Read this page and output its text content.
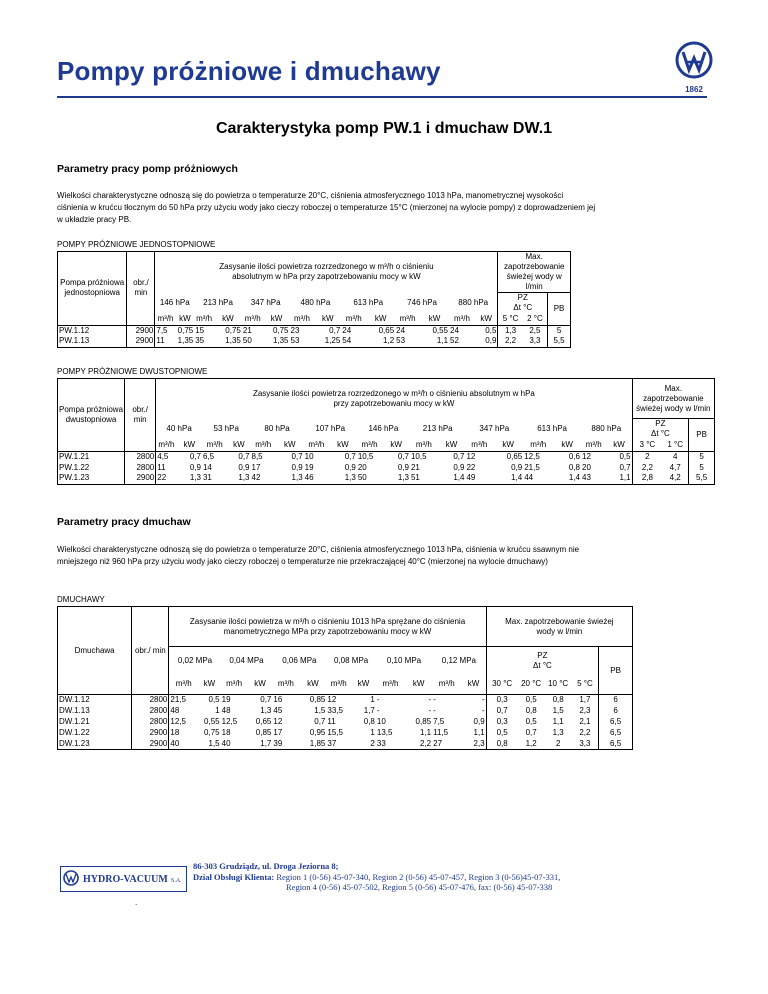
Pompy próżniowe i dmuchawy
1862
Carakterystyka pomp PW.1 i dmuchaw DW.1
Parametry pracy pomp próżniowych
Wielkości charakterystyczne odnoszą się do powietrza o temperaturze 20°C, ciśnienia atmosferycznego 1013 hPa, manometrycznej wysokości
ciśnienia w krućcu tłocznym do 50 hPa przy użyciu wody jako cieczy roboczej o temperaturze 15°C (mierzonej na wylocie pompy) z doprowadzeniem jej
w układzie pracy PB.
POMPY PRÓŻNIOWE JEDNOSTOPNIOWE
Pompa próżniowa jednostopniowa	obr./ min	Zasysanie ilości powietrza rozrzedzonego w m³/h o ciśnieniu absolutnym w hPa przy zapotrzebowaniu mocy w kW														Max. zapotrzebowanie świeżej wody w l/min		
		146 hPa		213 hPa		347 hPa		480 hPa		613 hPa		746 hPa		880 hPa		PZ
Δt °C		PB
		m³/h	kW	m³/h	kW	m³/h	kW	m³/h	kW	m³/h	kW	m³/h	kW	m³/h	kW	5 °C	2 °C	
PW.1.12	2900	7,5	0,75	15	0,75	21	0,75	23	0,7	24	0,65	24	0,55	24	0,5	1,3	2,5	5
PW.1.13	2900	11	1,35	35	1,35	50	1,35	53	1,25	54	1,2	53	1,1	52	0,9	2,2	3,3	5,5
POMPY PRÓŻNIOWE DWUSTOPNIOWE
Pompa próżniowa dwustopniowa	obr./ min	Zasysanie ilości powietrza rozrzedzonego w m³/h o ciśnieniu absolutnym w hPa przy zapotrzebowaniu mocy w kW																		Max. zapotrzebowanie świeżej wody w l/min		
		40 hPa		53 hPa		80 hPa		107 hPa		146 hPa		213 hPa		347 hPa		613 hPa		880 hPa		PZ
Δt °C		PB
		m³/h	kW	m³/h	kW	m³/h	kW	m³/h	kW	m³/h	kW	m³/h	kW	m³/h	kW	m³/h	kW	m³/h	kW	3 °C	1 °C	
PW.1.21	2800	4,5	0,7	6,5	0,7	8,5	0,7	10	0,7	10,5	0,7	10,5	0,7	12	0,65	12,5	0,6	12	0,5	2	4	5
PW.1.22	2800	11	0,9	14	0,9	17	0,9	19	0,9	20	0,9	21	0,9	22	0,9	21,5	0,8	20	0,7	2,2	4,7	5
PW.1.23	2900	22	1,3	31	1,3	42	1,3	46	1,3	50	1,3	51	1,4	49	1,4	44	1,4	43	1,1	2,8	4,2	5,5
Parametry pracy dmuchaw
Wielkości charakterystyczne odnoszą się do powietrza o temperaturze 20°C, ciśnienia atmosferycznego 1013 hPa, ciśnienia w krućcu ssawnym nie
mniejszego niż 960 hPa przy użyciu wody jako cieczy roboczej o temperaturze nie przekraczającej 40°C (mierzonej na wylocie dmuchawy)
DMUCHAWY
Dmuchawa	obr./ min	Zasysanie ilości powietrza w m³/h o ciśnieniu 1013 hPa sprężane do ciśnienia manometrycznego MPa przy zapotrzebowaniu mocy w kW												Max. zapotrzebowanie świeżej wody w l/min				
		0,02 MPa		0,04 MPa		0,06 MPa		0,08 MPa		0,10 MPa		0,12 MPa		PZ
Δt °C				PB
		m³/h	kW	m³/h	kW	m³/h	kW	m³/h	kW	m³/h	kW	m³/h	kW	30 °C	20 °C	10 °C	5 °C	
DW.1.12	2800	21,5	0,5	19	0,7	16	0,85	12	1	-	-	-	-	0,3	0,5	0,8	1,7	6
DW.1.13	2800	48	1	48	1,3	45	1,5	33,5	1,7	-	-	-	-	0,7	0,8	1,5	2,3	6
DW.1.21	2800	12,5	0,55	12,5	0,65	12	0,7	11	0,8	10	0,85	7,5	0,9	0,3	0,5	1,1	2,1	6,5
DW.1.22	2900	18	0,75	18	0,85	17	0,95	15,5	1	13,5	1,1	11,5	1,1	0,5	0,7	1,3	2,2	6,5
DW.1.23	2900	40	1,5	40	1,7	39	1,85	37	2	33	2,2	27	2,3	0,8	1,2	2	3,3	6,5
HYDRO-VACUUM S.A.
86-303 Grudziądz, ul. Droga Jeziorna 8;
Dział Obsługi Klienta: Region 1 (0-56) 45-07-340, Region 2 (0-56) 45-07-457, Region 3 (0-56)45-07-331,
Region 4 (0-56) 45-07-502, Region 5 (0-56) 45-07-476, fax: (0-56) 45-07-338
.
